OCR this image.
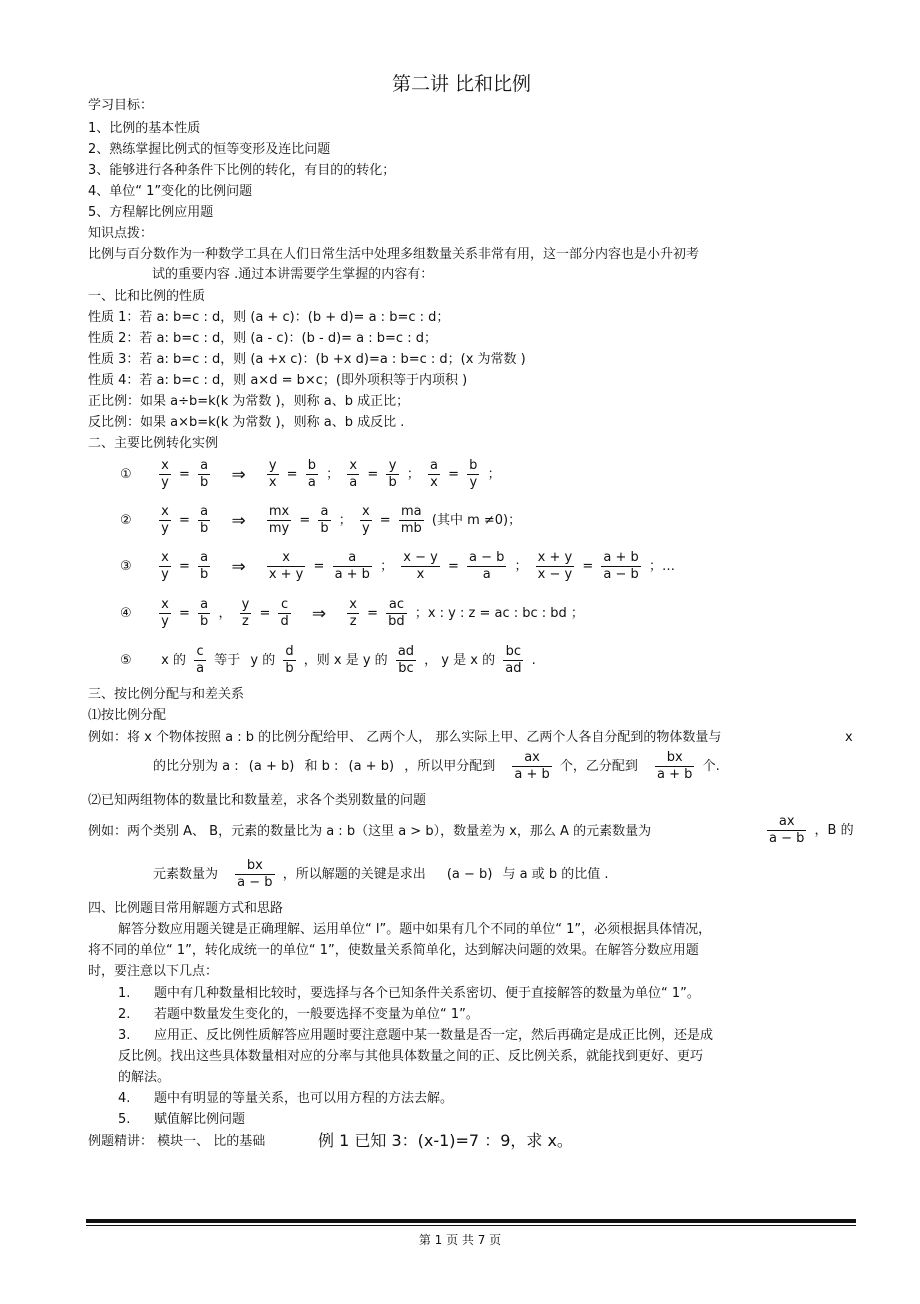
第二讲 比和比例
学习目标：
1、比例的基本性质
2、熟练掌握比例式的恒等变形及连比问题
3、能够进行各种条件下比例的转化，有目的的转化；
4、单位“ 1”变化的比例问题
5、方程解比例应用题
知识点拨：
比例与百分数作为一种数学工具在人们日常生活中处理多组数量关系非常有用，这一部分内容也是小升初考
试的重要内容 .通过本讲需要学生掌握的内容有：
一、比和比例的性质
性质 1：若 a: b=c : d，则 (a + c)：(b + d)= a : b=c : d；
性质 2：若 a: b=c : d，则 (a - c)：(b - d)= a : b=c : d；
性质 3：若 a: b=c : d，则 (a +x c)：(b +x d)=a : b=c : d；(x 为常数 )
性质 4：若 a: b=c : d，则 a×d = b×c；(即外项积等于内项积 )
正比例：如果 a÷b=k(k 为常数 )，则称 a、b 成正比；
反比例：如果 a×b=k(k 为常数 )，则称 a、b 成反比 .
二、主要比例转化实例
① $\frac{x}{y} = \frac{a}{b}$ ⇒ $\frac{y}{x} = \frac{b}{a}$ ； $\frac{x}{a} = \frac{y}{b}$ ； $\frac{a}{x} = \frac{b}{y}$ ；
② $\frac{x}{y} = \frac{a}{b}$ ⇒ $\frac{mx}{my} = \frac{a}{b}$ ； $\frac{x}{y} = \frac{ma}{mb}$ (其中 m ≠0)；
③ $\frac{x}{y} = \frac{a}{b}$ ⇒ $\frac{x}{x + y} = \frac{a}{a + b}$ ； $\frac{x - y}{x} = \frac{a - b}{a}$ ； $\frac{x + y}{x - y} = \frac{a + b}{a - b}$ ；…
④ $\frac{x}{y} = \frac{a}{b}$ ， $\frac{y}{z} = \frac{c}{d}$ ⇒ $\frac{x}{z} = \frac{ac}{bd}$ ；x : y : z = ac : bc : bd ；
⑤ x 的 $\frac{c}{a}$ 等于 y 的 $\frac{d}{b}$ ，则 x 是 y 的 $\frac{ad}{bc}$ ， y 是 x 的 $\frac{bc}{ad}$ .
三、按比例分配与和差关系
⑴按比例分配
例如：将 x 个物体按照 a : b 的比例分配给甲、 乙两个人， 那么实际上甲、乙两个人各自分配到的物体数量与	x
的比分别为 a : (a + b) 和 b : (a + b) ，所以甲分配到 $\frac{ax}{a + b}$ 个，乙分配到 $\frac{bx}{a + b}$ 个.
⑵已知两组物体的数量比和数量差，求各个类别数量的问题
例如：两个类别 A、 B，元素的数量比为 a : b（这里 a > b），数量差为 x，那么 A 的元素数量为	$\frac{ax}{a - b}$ ，B 的
元素数量为 $\frac{bx}{a - b}$ ，所以解题的关键是求出 (a − b) 与 a 或 b 的比值 .
四、比例题目常用解题方式和思路
解答分数应用题关键是正确理解、运用单位“ l”。题中如果有几个不同的单位“ 1”，必须根据具体情况，
将不同的单位“ 1”，转化成统一的单位“ 1”，使数量关系简单化，达到解决问题的效果。在解答分数应用题
时，要注意以下几点：
1. 题中有几种数量相比较时，要选择与各个已知条件关系密切、便于直接解答的数量为单位“ 1”。
2. 若题中数量发生变化的，一般要选择不变量为单位“ 1”。
3. 应用正、反比例性质解答应用题时要注意题中某一数量是否一定，然后再确定是成正比例，还是成
反比例。找出这些具体数量相对应的分率与其他具体数量之间的正、反比例关系，就能找到更好、更巧
的解法。
4. 题中有明显的等量关系，也可以用方程的方法去解。
5. 赋值解比例问题
例题精讲： 模块一、 比的基础	例 1 已知 3：(x-1)=7 ：9，求 x。
第 1 页 共 7 页
